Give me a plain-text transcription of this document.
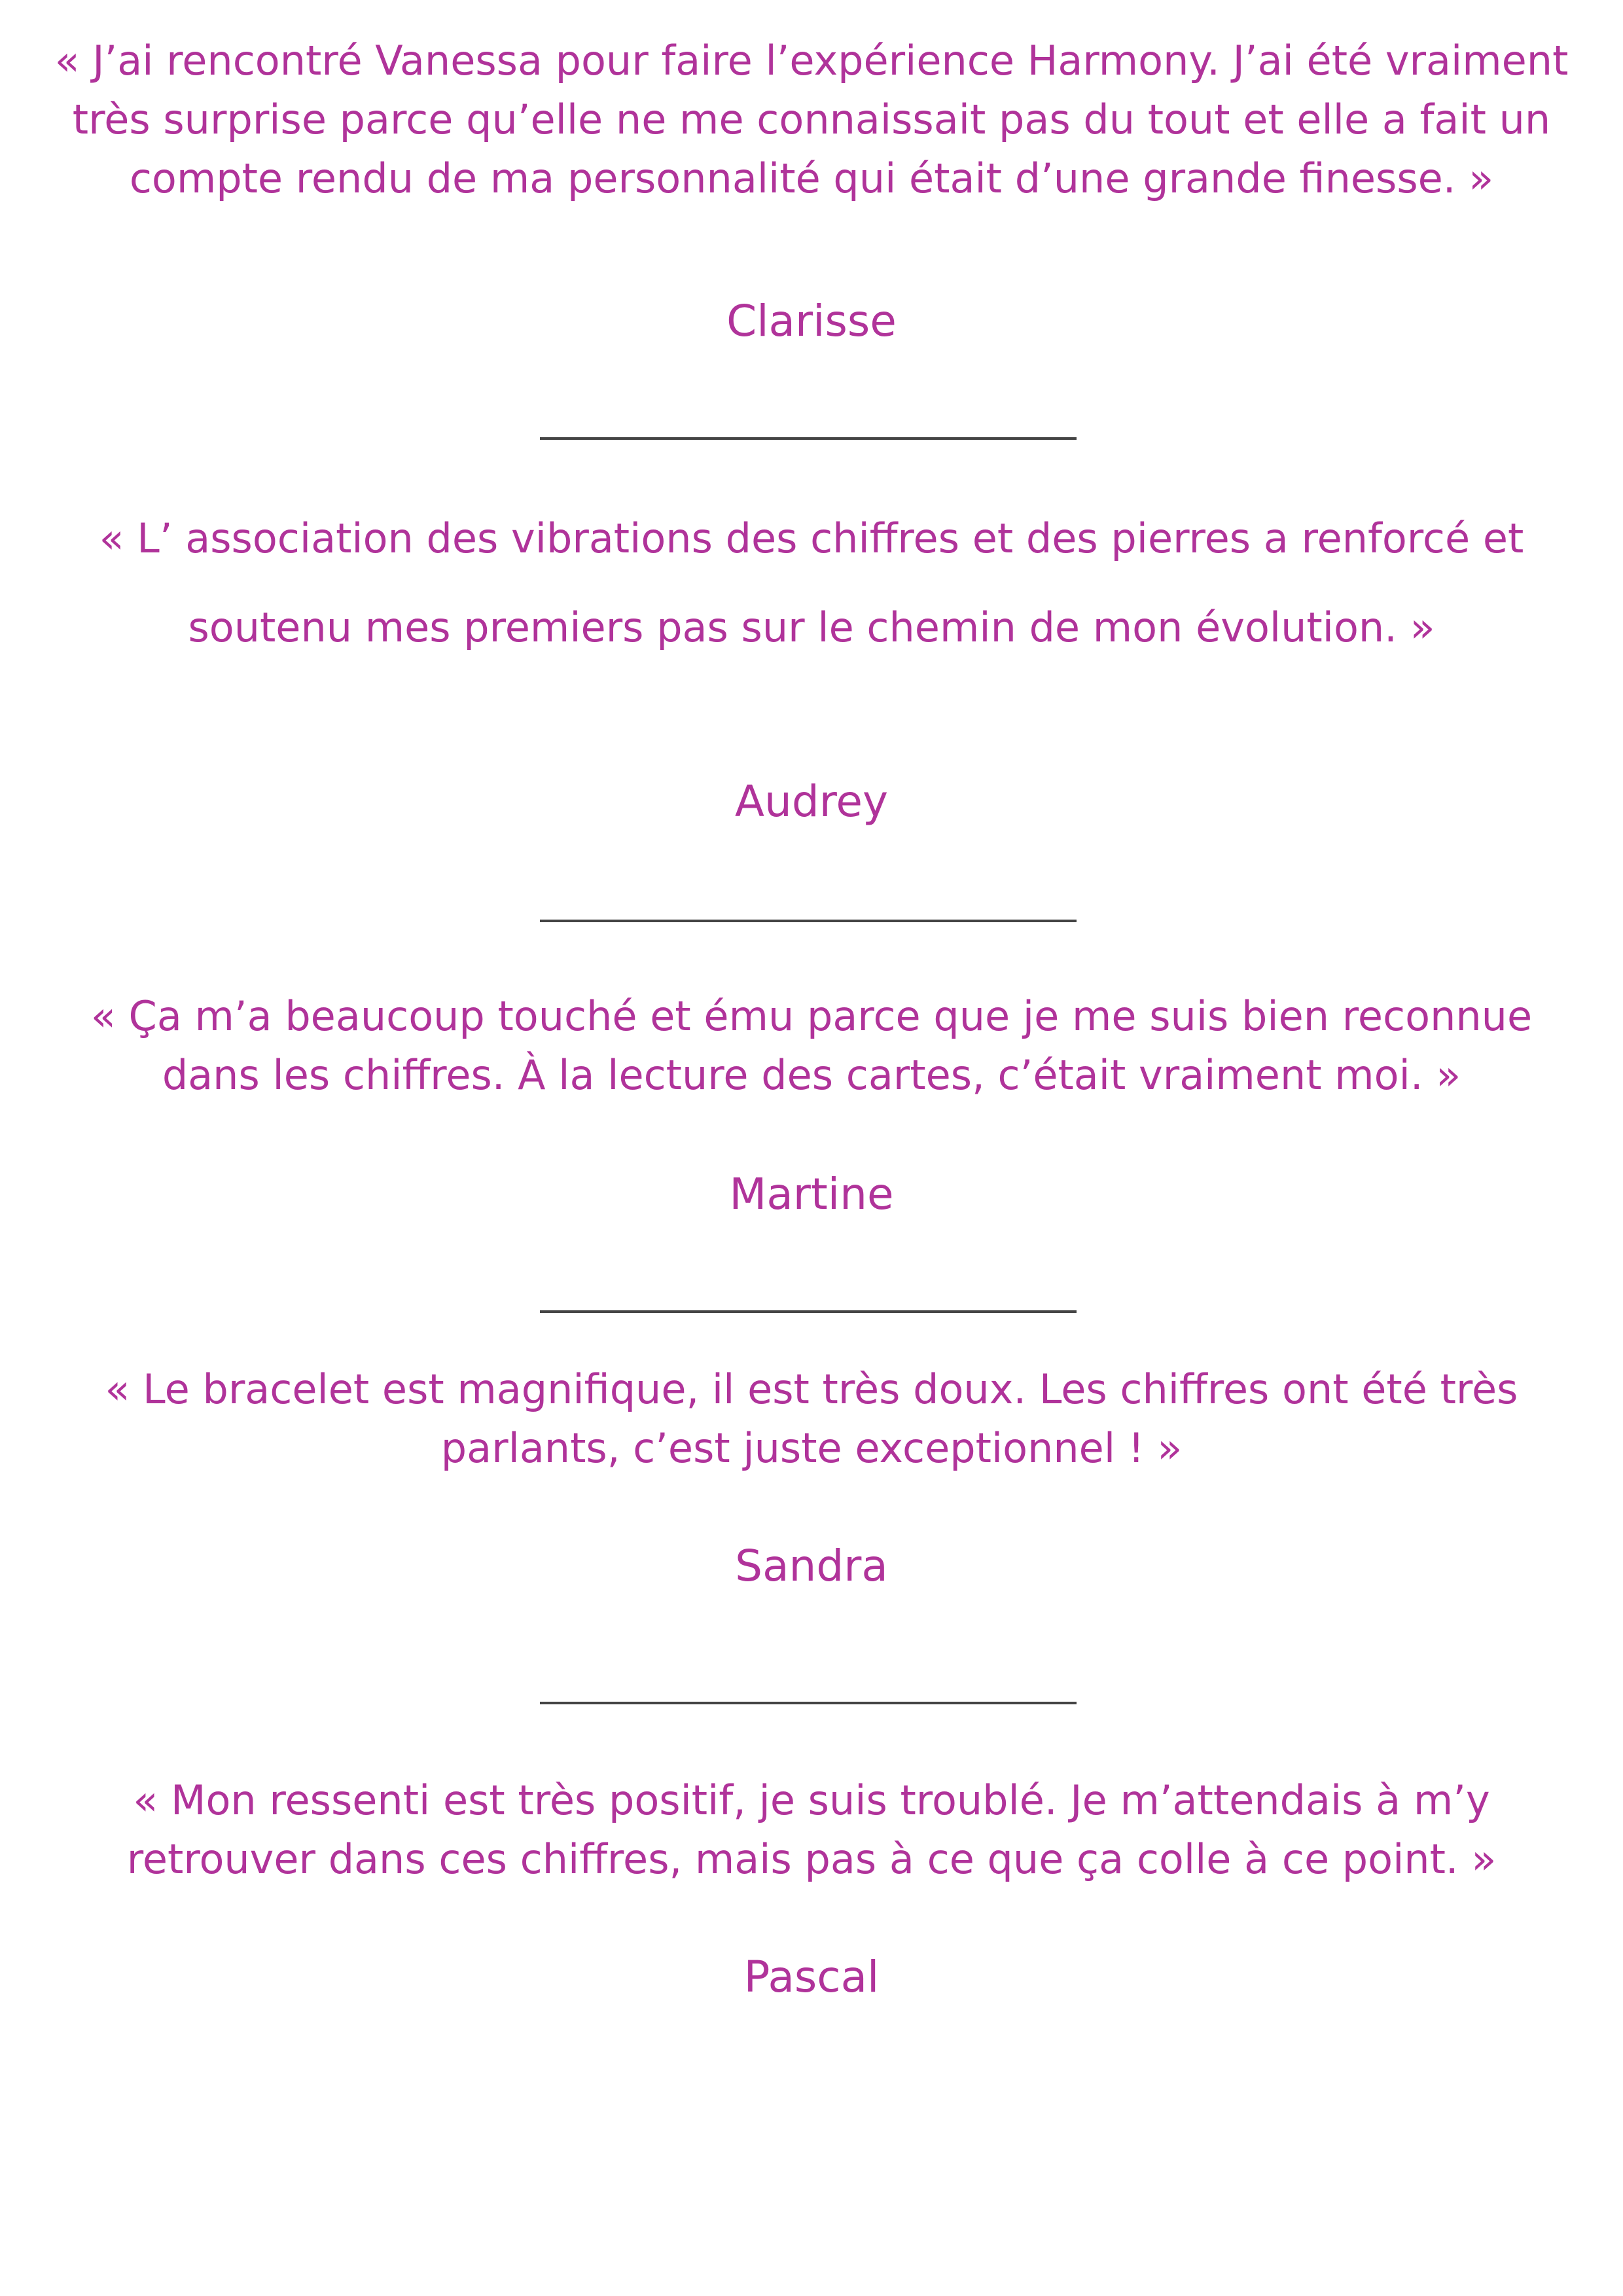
« J’ai rencontré Vanessa pour faire l’expérience Harmony. J’ai été vraiment

très surprise parce qu’elle ne me connaissait pas du tout et elle a fait un

compte rendu de ma personnalité qui était d’une grande finesse. »

Clarisse

« L’ association des vibrations des chiffres et des pierres a renforcé et

soutenu mes premiers pas sur le chemin de mon évolution. »

Audrey

« Ça m’a beaucoup touché et ému parce que je me suis bien reconnue

dans les chiffres. À la lecture des cartes, c’était vraiment moi. »

Martine

« Le bracelet est magnifique, il est très doux. Les chiffres ont été très

parlants, c’est juste exceptionnel ! »

Sandra

« Mon ressenti est très positif, je suis troublé. Je m’attendais à m’y

retrouver dans ces chiffres, mais pas à ce que ça colle à ce point. »

Pascal
